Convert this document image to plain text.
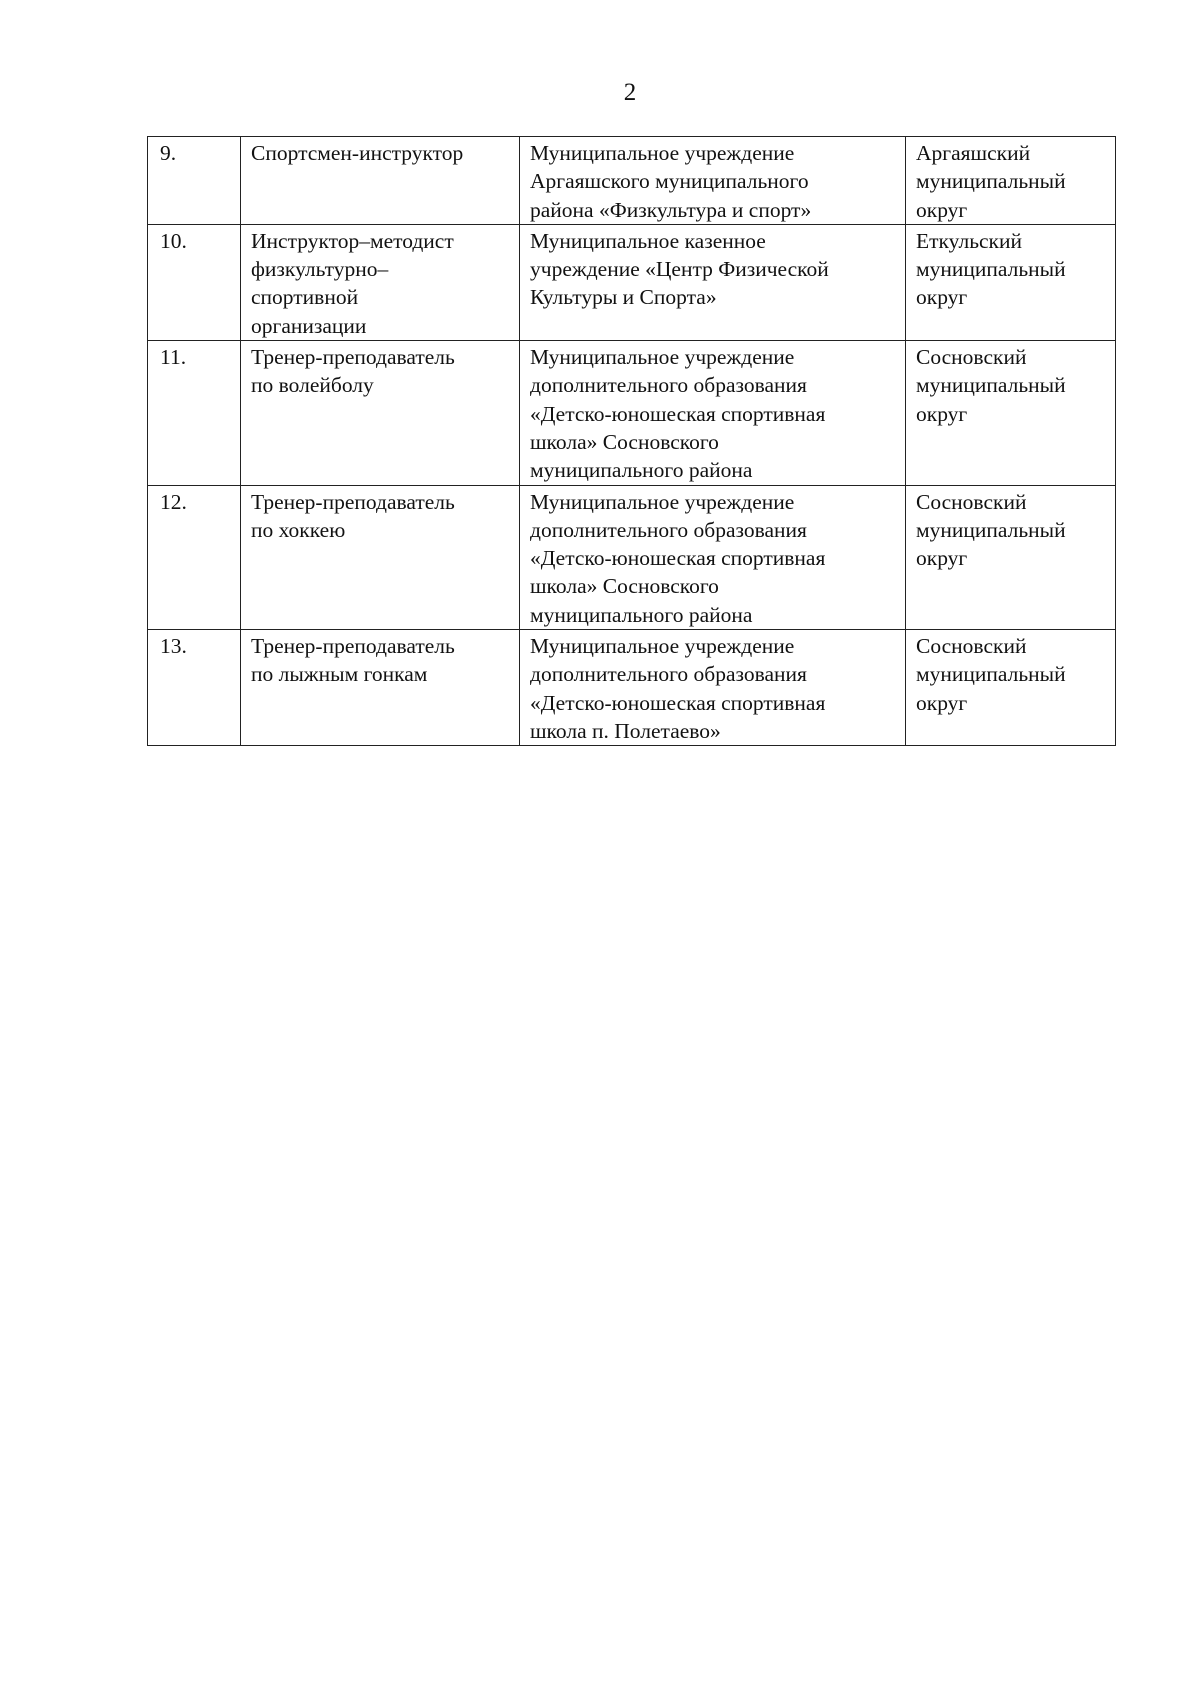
2
9.	Спортсмен-инструктор	Муниципальное учреждение
Аргаяшского муниципального
района «Физкультура и спорт»	Аргаяшский
муниципальный
округ

10.	Инструктор–методист
физкультурно–
спортивной
организации	Муниципальное казенное
учреждение «Центр Физической
Культуры и Спорта»	Еткульский
муниципальный
округ

11.	Тренер-преподаватель
по волейболу	Муниципальное учреждение
дополнительного образования
«Детско-юношеская спортивная
школа» Сосновского
муниципального района	Сосновский
муниципальный
округ

12.	Тренер-преподаватель
по хоккею	Муниципальное учреждение
дополнительного образования
«Детско-юношеская спортивная
школа» Сосновского
муниципального района	Сосновский
муниципальный
округ

13.	Тренер-преподаватель
по лыжным гонкам	Муниципальное учреждение
дополнительного образования
«Детско-юношеская спортивная
школа п. Полетаево»	Сосновский
муниципальный
округ
